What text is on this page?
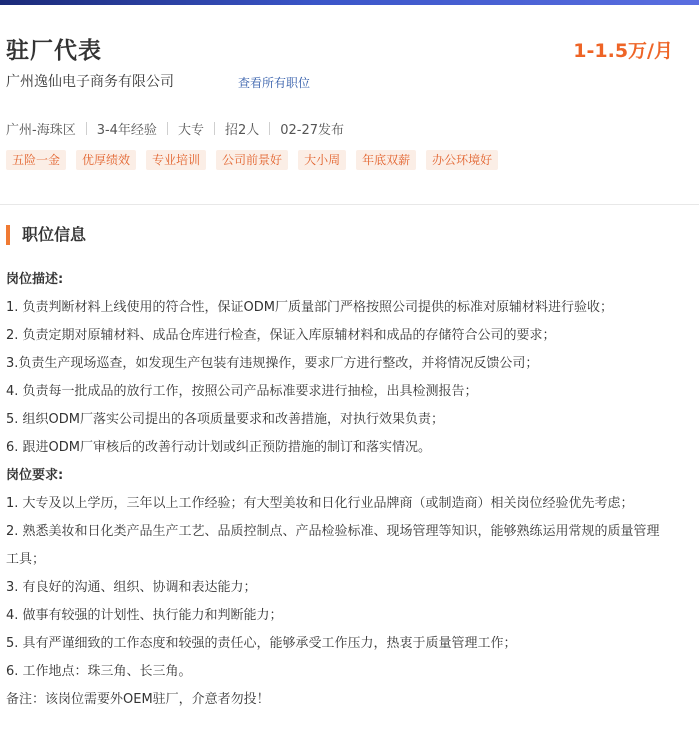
驻厂代表	1-1.5万/月
广州逸仙电子商务有限公司	查看所有职位
广州-海珠区 3-4年经验 大专 招2人 02-27发布
五险一金	优厚绩效	专业培训	公司前景好	大小周	年底双薪	办公环境好
职位信息

岗位描述:

1. 负责判断材料上线使用的符合性，保证ODM厂质量部门严格按照公司提供的标准对原辅材料进行验收；

2. 负责定期对原辅材料、成品仓库进行检查，保证入库原辅材料和成品的存储符合公司的要求；

3.负责生产现场巡查，如发现生产包装有违规操作，要求厂方进行整改，并将情况反馈公司；

4. 负责每一批成品的放行工作，按照公司产品标准要求进行抽检，出具检测报告；

5. 组织ODM厂落实公司提出的各项质量要求和改善措施，对执行效果负责；

6. 跟进ODM厂审核后的改善行动计划或纠正预防措施的制订和落实情况。

岗位要求:

1. 大专及以上学历，三年以上工作经验；有大型美妆和日化行业品牌商（或制造商）相关岗位经验优先考虑；

2. 熟悉美妆和日化类产品生产工艺、品质控制点、产品检验标准、现场管理等知识，能够熟练运用常规的质量管理工具；

3. 有良好的沟通、组织、协调和表达能力；

4. 做事有较强的计划性、执行能力和判断能力；

5. 具有严谨细致的工作态度和较强的责任心，能够承受工作压力，热衷于质量管理工作；

6. 工作地点：珠三角、长三角。

备注：该岗位需要外OEM驻厂，介意者勿投！
